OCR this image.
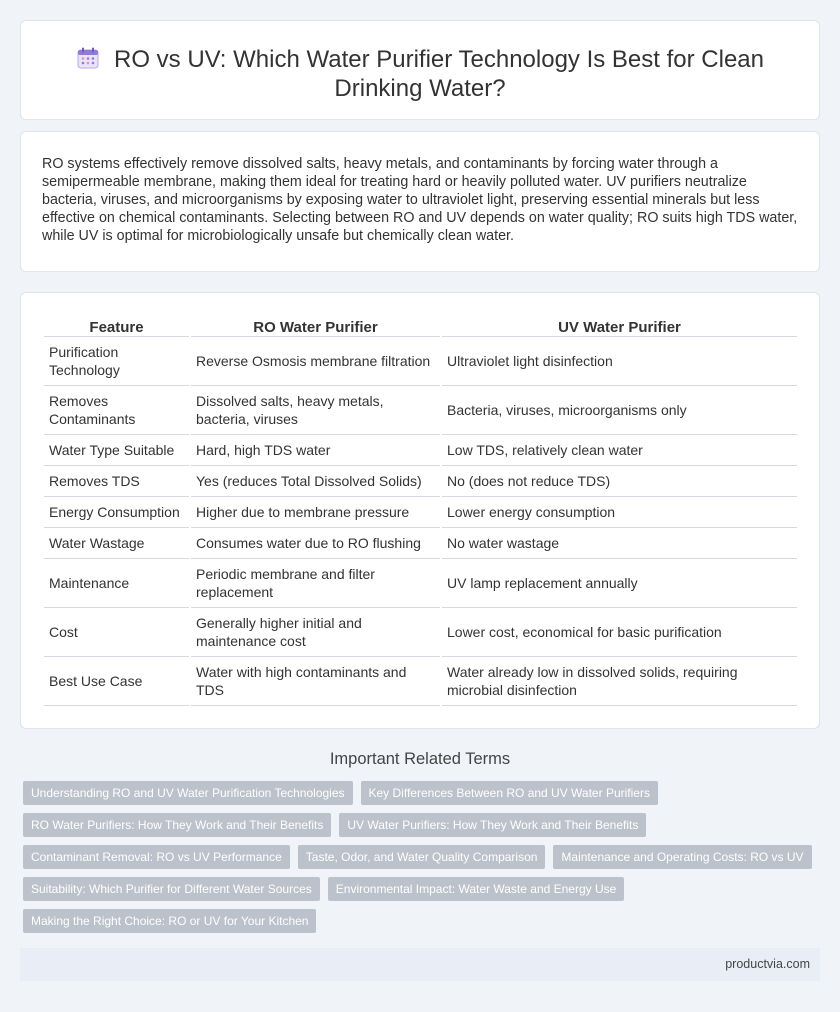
RO vs UV: Which Water Purifier Technology Is Best for Clean Drinking Water?

RO systems effectively remove dissolved salts, heavy metals, and contaminants by forcing water through a semipermeable membrane, making them ideal for treating hard or heavily polluted water. UV purifiers neutralize bacteria, viruses, and microorganisms by exposing water to ultraviolet light, preserving essential minerals but less effective on chemical contaminants. Selecting between RO and UV depends on water quality; RO suits high TDS water, while UV is optimal for microbiologically unsafe but chemically clean water.

Feature	RO Water Purifier	UV Water Purifier
Purification Technology	Reverse Osmosis membrane filtration	Ultraviolet light disinfection
Removes Contaminants	Dissolved salts, heavy metals, bacteria, viruses	Bacteria, viruses, microorganisms only
Water Type Suitable	Hard, high TDS water	Low TDS, relatively clean water
Removes TDS	Yes (reduces Total Dissolved Solids)	No (does not reduce TDS)
Energy Consumption	Higher due to membrane pressure	Lower energy consumption
Water Wastage	Consumes water due to RO flushing	No water wastage
Maintenance	Periodic membrane and filter replacement	UV lamp replacement annually
Cost	Generally higher initial and maintenance cost	Lower cost, economical for basic purification
Best Use Case	Water with high contaminants and TDS	Water already low in dissolved solids, requiring microbial disinfection
Important Related Terms
Understanding RO and UV Water Purification Technologies	Key Differences Between RO and UV Water Purifiers
RO Water Purifiers: How They Work and Their Benefits	UV Water Purifiers: How They Work and Their Benefits
Contaminant Removal: RO vs UV Performance	Taste, Odor, and Water Quality Comparison	Maintenance and Operating Costs: RO vs UV
Suitability: Which Purifier for Different Water Sources	Environmental Impact: Water Waste and Energy Use
Making the Right Choice: RO or UV for Your Kitchen
productvia.com
